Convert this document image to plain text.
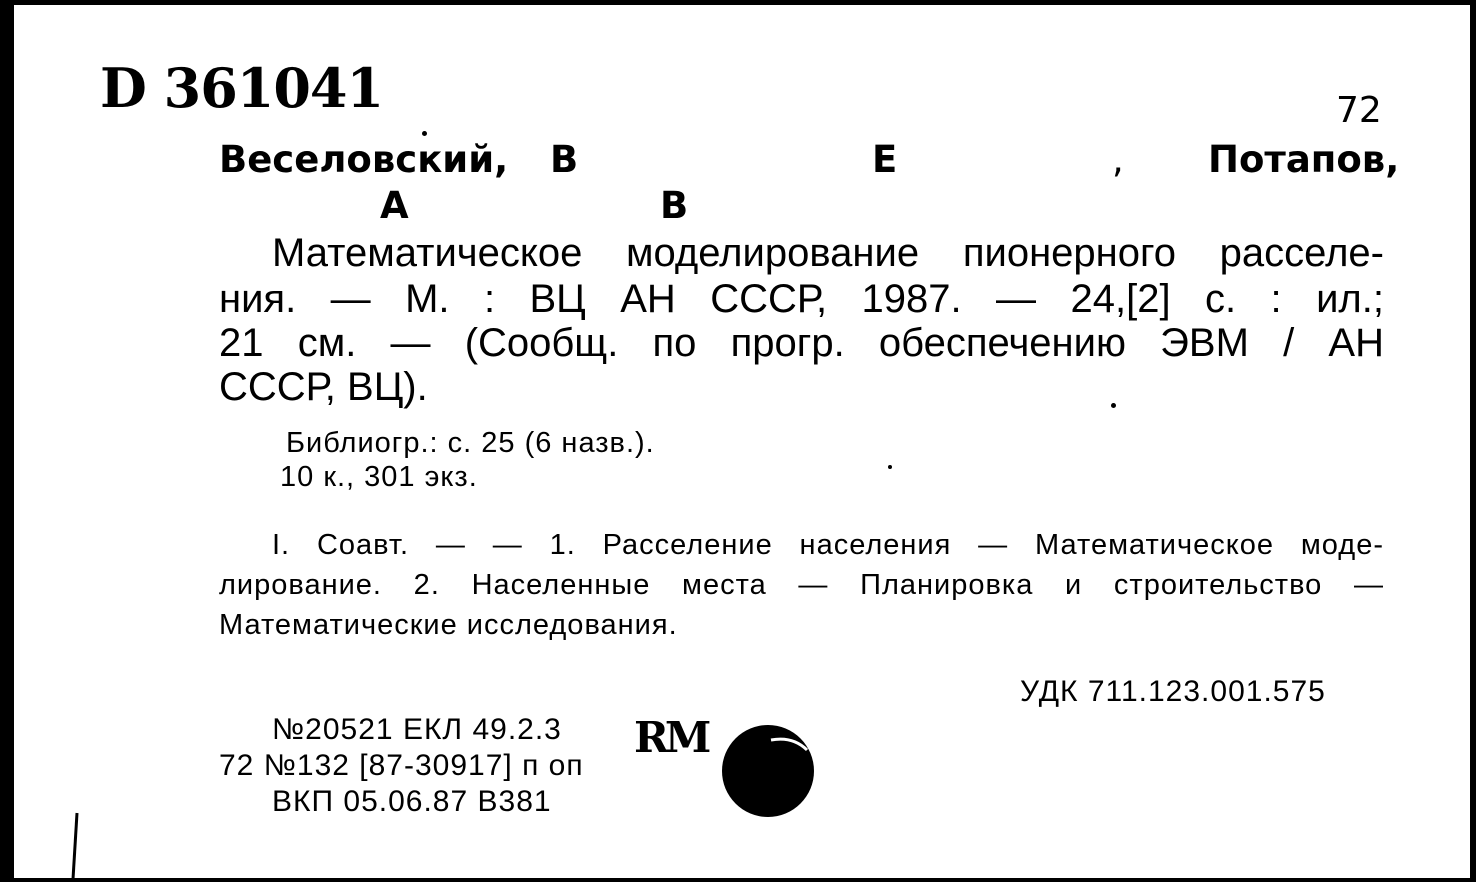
D 361041	72
Веселовский, В	Е	, Потапов,
А	В
Математическое моделирование пионерного расселе-
ния. — М. : ВЦ АН СССР, 1987. — 24,[2] с. : ил.;
21 см. — (Сообщ. по прогр. обеспечению ЭВМ / АН
СССР, ВЦ).
Библиогр.: с. 25 (6 назв.).
10 к., 301 экз.
I. Соавт. — — 1. Расселение населения — Математическое моде-
лирование. 2. Населенные места — Планировка и строительство —
Математические исследования.
УДК 711.123.001.575
№20521 ЕКЛ 49.2.3
72 №132 [87-30917] п оп
ВКП 05.06.87 В381
RM
